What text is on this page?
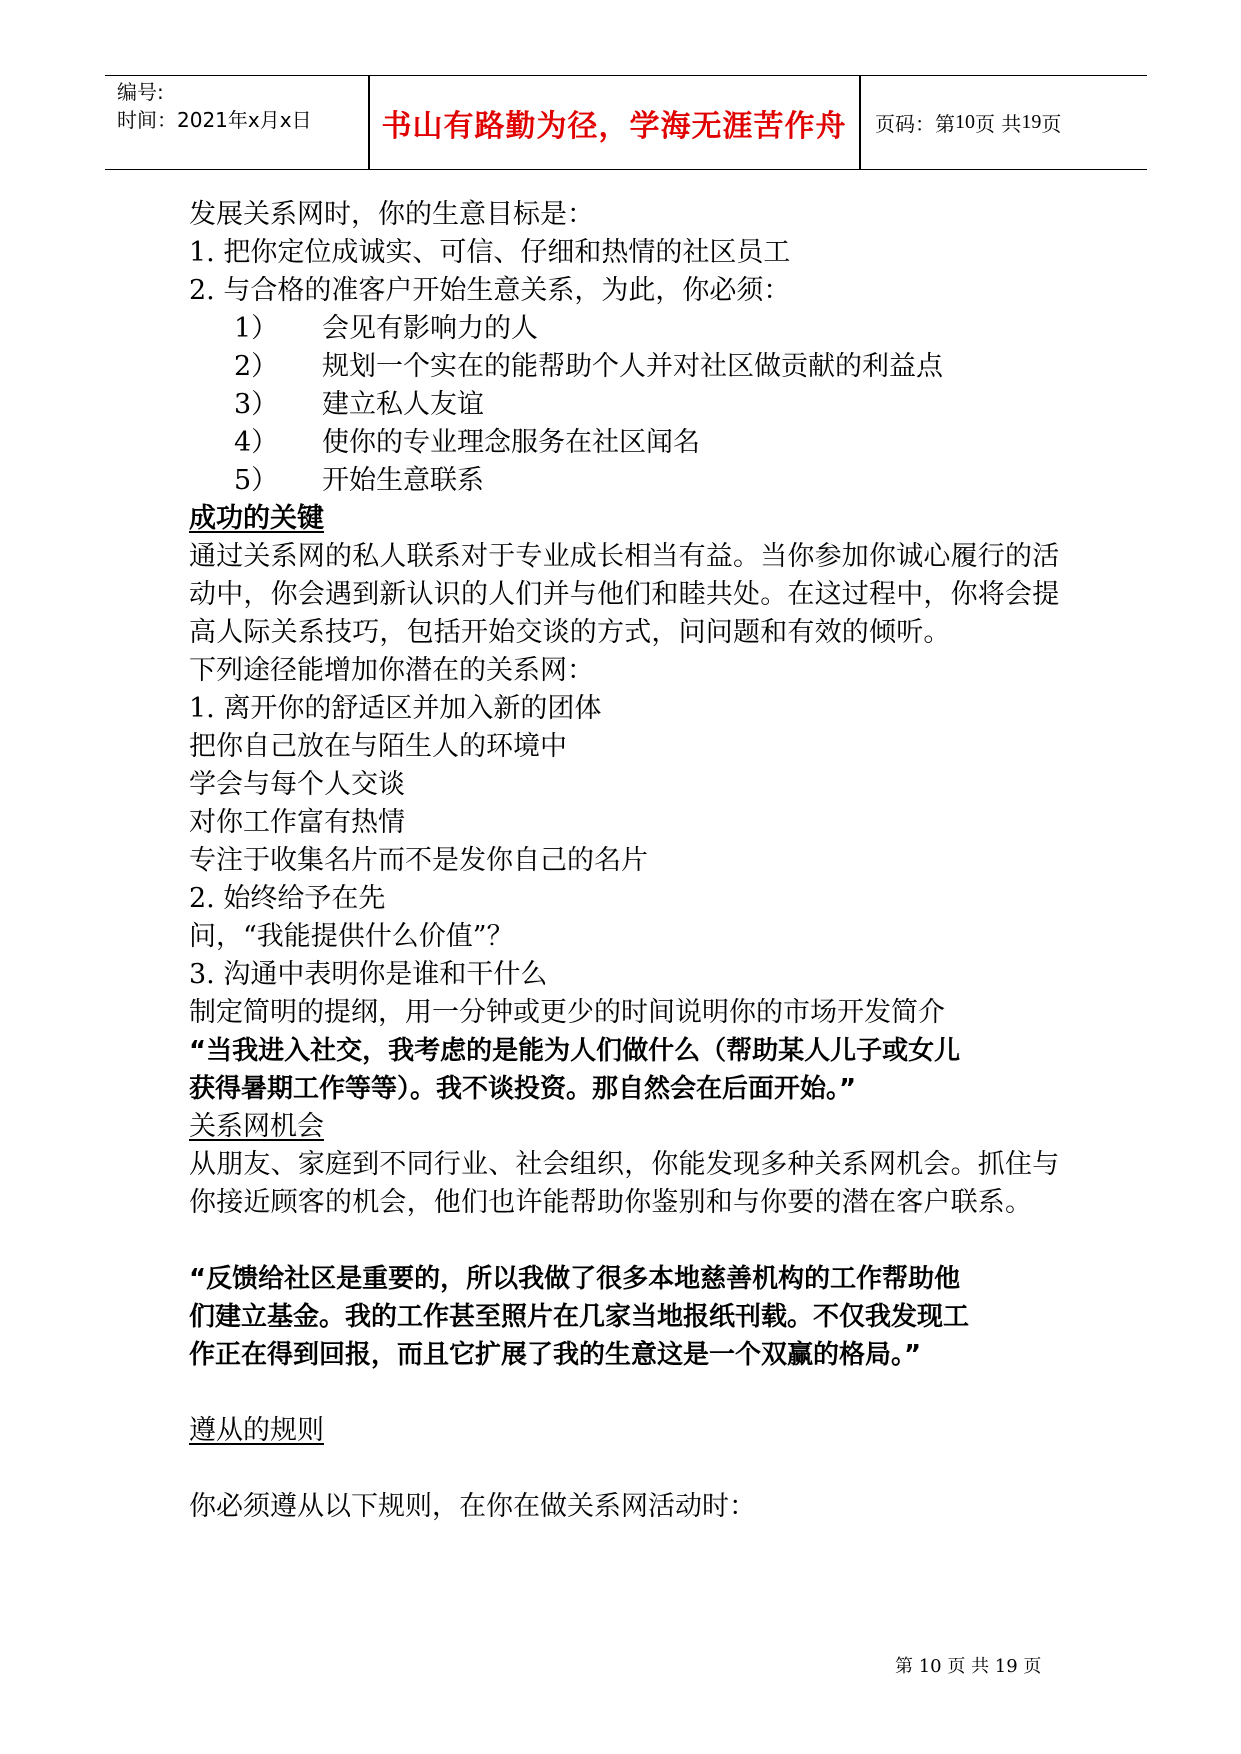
编号:
时间：2021年x月x日	书山有路勤为径，学海无涯苦作舟	页码：第 10 页 共 19 页
发展关系网时，你的生意目标是：
1. 把你定位成诚实、可信、仔细和热情的社区员工
2. 与合格的准客户开始生意关系，为此，你必须：
1） 会见有影响力的人
2） 规划一个实在的能帮助个人并对社区做贡献的利益点
3） 建立私人友谊
4） 使你的专业理念服务在社区闻名
5） 开始生意联系
成功的关键
通过关系网的私人联系对于专业成长相当有益。当你参加你诚心履行的活动中，你会遇到新认识的人们并与他们和睦共处。在这过程中，你将会提高人际关系技巧，包括开始交谈的方式，问问题和有效的倾听。
下列途径能增加你潜在的关系网：
1. 离开你的舒适区并加入新的团体
把你自己放在与陌生人的环境中
学会与每个人交谈
对你工作富有热情
专注于收集名片而不是发你自己的名片
2. 始终给予在先
问，“我能提供什么价值”？
3. 沟通中表明你是谁和干什么
制定简明的提纲，用一分钟或更少的时间说明你的市场开发简介
“当我进入社交，我考虑的是能为人们做什么（帮助某人儿子或女儿
获得暑期工作等等）。我不谈投资。那自然会在后面开始。”
关系网机会
从朋友、家庭到不同行业、社会组织，你能发现多种关系网机会。抓住与你接近顾客的机会，他们也许能帮助你鉴别和与你要的潜在客户联系。
“反馈给社区是重要的，所以我做了很多本地慈善机构的工作帮助他
们建立基金。我的工作甚至照片在几家当地报纸刊载。不仅我发现工
作正在得到回报，而且它扩展了我的生意这是一个双赢的格局。”
遵从的规则
你必须遵从以下规则，在你在做关系网活动时：
第 10 页 共 19 页
